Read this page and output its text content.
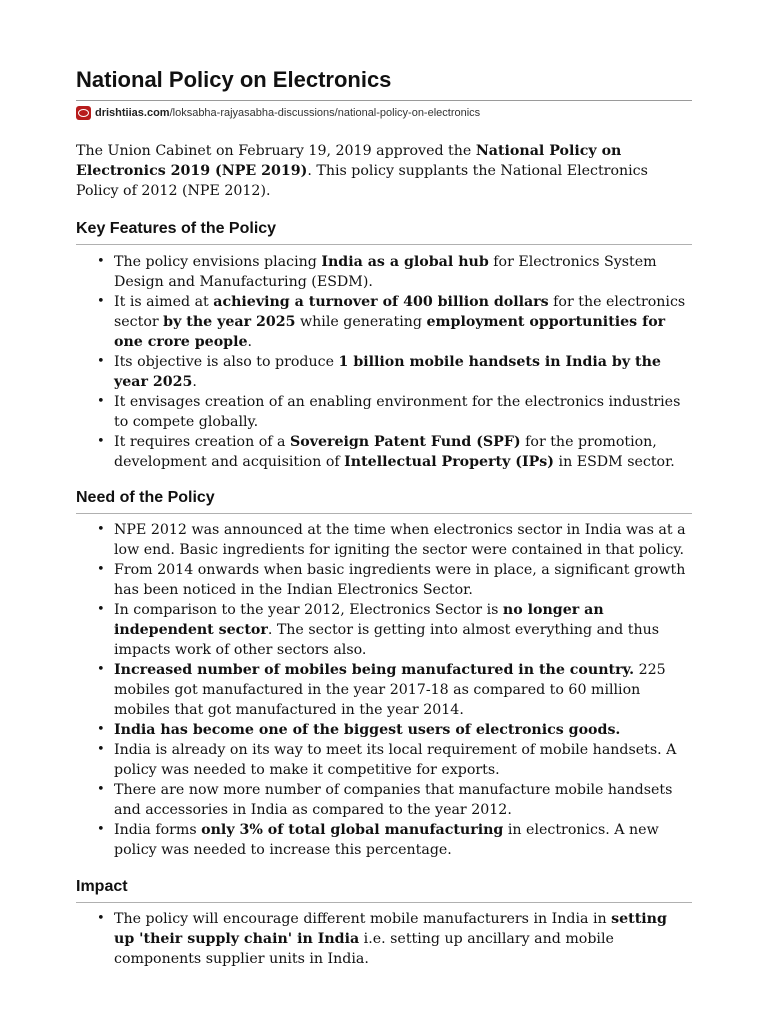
National Policy on Electronics
drishtiias.com/loksabha-rajyasabha-discussions/national-policy-on-electronics

The Union Cabinet on February 19, 2019 approved the National Policy on Electronics 2019 (NPE 2019). This policy supplants the National Electronics Policy of 2012 (NPE 2012).

Key Features of the Policy
• The policy envisions placing India as a global hub for Electronics System Design and Manufacturing (ESDM).
• It is aimed at achieving a turnover of 400 billion dollars for the electronics sector by the year 2025 while generating employment opportunities for one crore people.
• Its objective is also to produce 1 billion mobile handsets in India by the year 2025.
• It envisages creation of an enabling environment for the electronics industries to compete globally.
• It requires creation of a Sovereign Patent Fund (SPF) for the promotion, development and acquisition of Intellectual Property (IPs) in ESDM sector.
Need of the Policy
• NPE 2012 was announced at the time when electronics sector in India was at a low end. Basic ingredients for igniting the sector were contained in that policy.
• From 2014 onwards when basic ingredients were in place, a significant growth has been noticed in the Indian Electronics Sector.
• In comparison to the year 2012, Electronics Sector is no longer an independent sector. The sector is getting into almost everything and thus impacts work of other sectors also.
• Increased number of mobiles being manufactured in the country. 225 mobiles got manufactured in the year 2017-18 as compared to 60 million mobiles that got manufactured in the year 2014.
• India has become one of the biggest users of electronics goods.
• India is already on its way to meet its local requirement of mobile handsets. A policy was needed to make it competitive for exports.
• There are now more number of companies that manufacture mobile handsets and accessories in India as compared to the year 2012.
• India forms only 3% of total global manufacturing in electronics. A new policy was needed to increase this percentage.
Impact
• The policy will encourage different mobile manufacturers in India in setting up 'their supply chain' in India i.e. setting up ancillary and mobile components supplier units in India.
